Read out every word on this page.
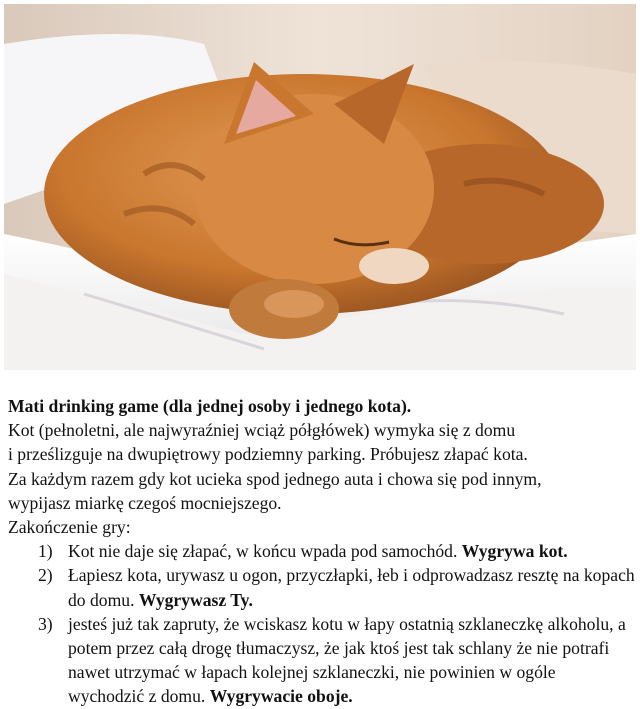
Mati drinking game (dla jednej osoby i jednego kota).

Kot (pełnoletni, ale najwyraźniej wciąż półgłówek) wymyka się z domu

i prześlizguje na dwupiętrowy podziemny parking. Próbujesz złapać kota.

Za każdym razem gdy kot ucieka spod jednego auta i chowa się pod innym,

wypijasz miarkę czegoś mocniejszego.

Zakończenie gry:

1) Kot nie daje się złapać, w końcu wpada pod samochód. Wygrywa kot.
2) Łapiesz kota, urywasz u ogon, przyczłapki, łeb i odprowadzasz resztę na kopach do domu. Wygrywasz Ty.
3) jesteś już tak zapruty, że wciskasz kotu w łapy ostatnią szklaneczkę alkoholu, a potem przez całą drogę tłumaczysz, że jak ktoś jest tak schlany że nie potrafi nawet utrzymać w łapach kolejnej szklaneczki, nie powinien w ogóle wychodzić z domu. Wygrywacie oboje.
